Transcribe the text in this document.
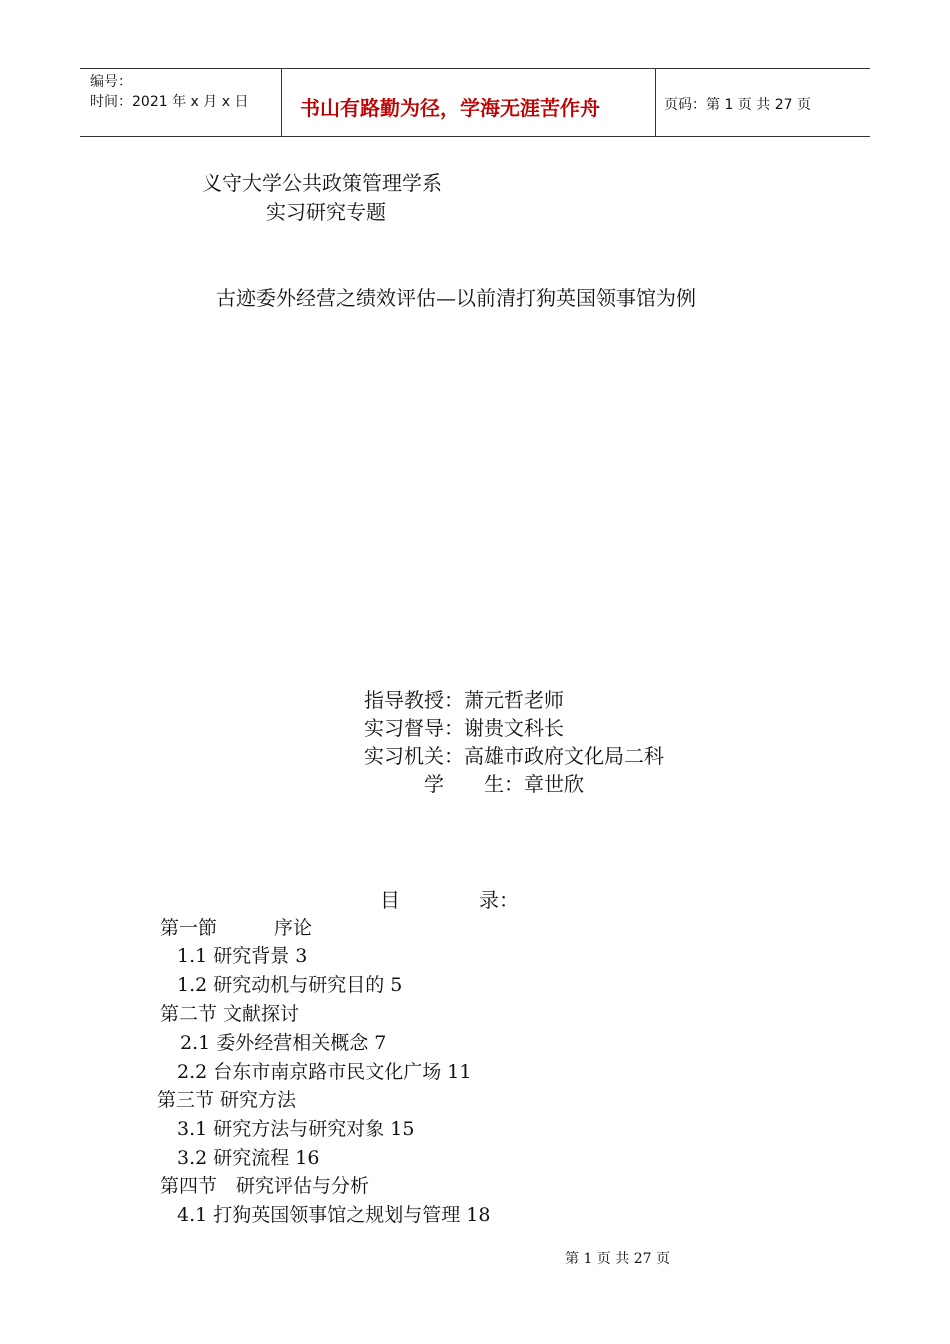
编号：
时间：2021 年 x 月 x 日	书山有路勤为径，学海无涯苦作舟	页码：第 1 页 共 27 页
义守大学公共政策管理学系
实习研究专题
古迹委外经营之绩效评估—以前清打狗英国领事馆为例
指导教授：萧元哲老师
实习督导：谢贵文科长
实习机关：高雄市政府文化局二科
学　　生：章世欣
目	录：
第一節　　　序论
1.1 研究背景 3
1.2 研究动机与研究目的 5
第二节 文献探讨
2.1 委外经营相关概念 7
2.2 台东市南京路市民文化广场 11
第三节 研究方法
3.1 研究方法与研究对象 15
3.2 研究流程 16
第四节　研究评估与分析
4.1 打狗英国领事馆之规划与管理 18
第 1 页 共 27 页
